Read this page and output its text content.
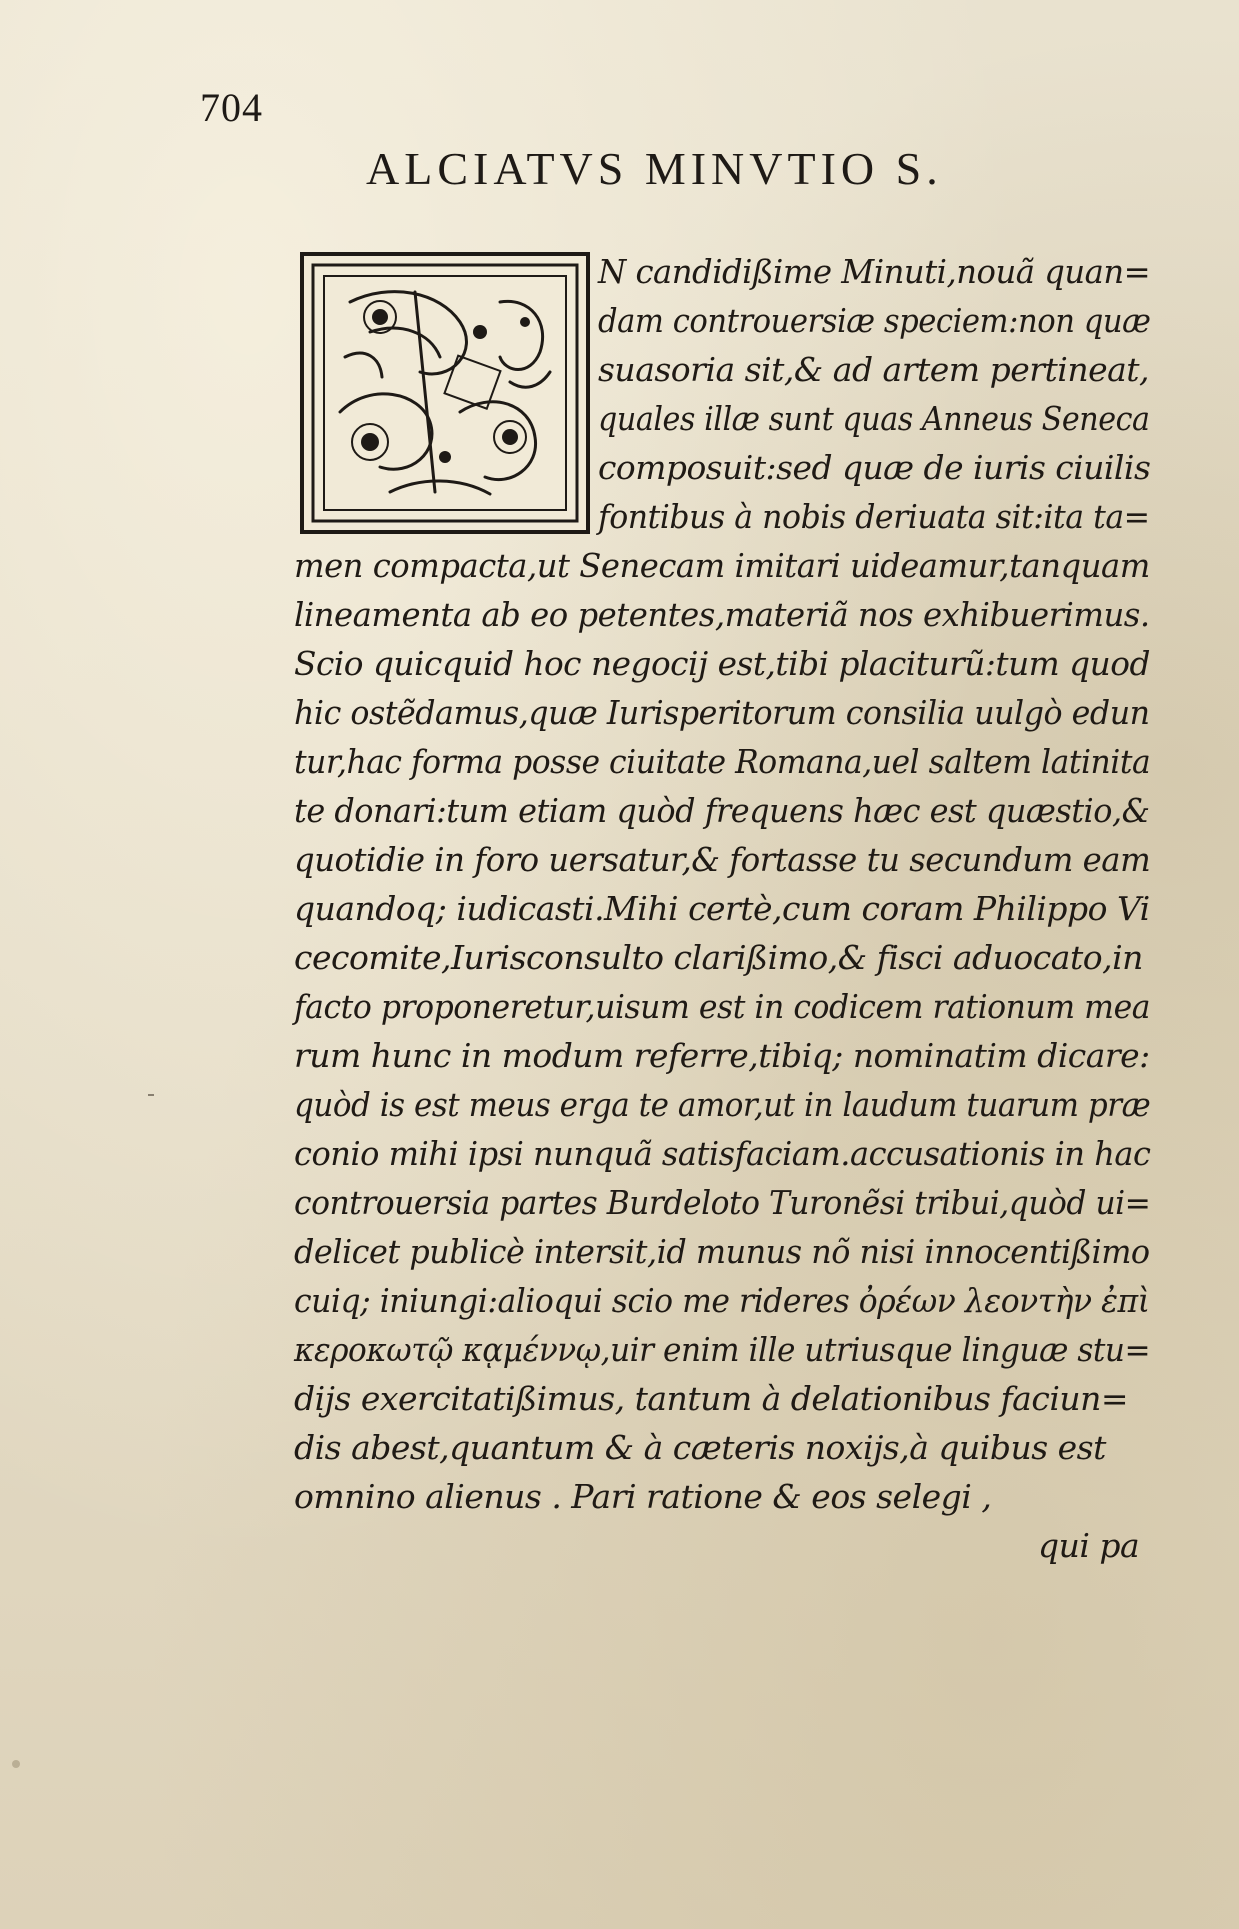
704
ALCIATVS MINVTIO S.

N candidißime Minuti,nouã quan=

dam controuersiæ speciem:non quæ

suasoria sit,& ad artem pertineat,

quales illæ sunt quas Anneus Seneca

composuit:sed quæ de iuris ciuilis

fontibus à nobis deriuata sit:ita ta=

men compacta,ut Senecam imitari uideamur,tanquam

lineamenta ab eo petentes,materiã nos exhibuerimus.

Scio quicquid hoc negocij est,tibi placiturũ:tum quod

hic ostẽdamus,quæ Iurisperitorum consilia uulgò edun

tur,hac forma posse ciuitate Romana,uel saltem latinita

te donari:tum etiam quòd frequens hæc est quæstio,&

quotidie in foro uersatur,& fortasse tu secundum eam

quandoq; iudicasti.Mihi certè,cum coram Philippo Vi

cecomite,Iurisconsulto clarißimo,& fisci aduocato,in

facto proponeretur,uisum est in codicem rationum mea

rum hunc in modum referre,tibiq; nominatim dicare:

quòd is est meus erga te amor,ut in laudum tuarum præ

conio mihi ipsi nunquã satisfaciam.accusationis in hac

controuersia partes Burdeloto Turonẽsi tribui,quòd ui=

delicet publicè intersit,id munus nõ nisi innocentißimo

cuiq; iniungi:alioqui scio me rideres ὀρέων λεοντὴν ἐπὶ

κεροκωτῷ κᾳμέννῳ,uir enim ille utriusque linguæ stu=

dijs exercitatißimus, tantum à delationibus faciun=

dis abest,quantum & à cæteris noxijs,à quibus est

omnino alienus . Pari ratione & eos selegi ,

qui pa
